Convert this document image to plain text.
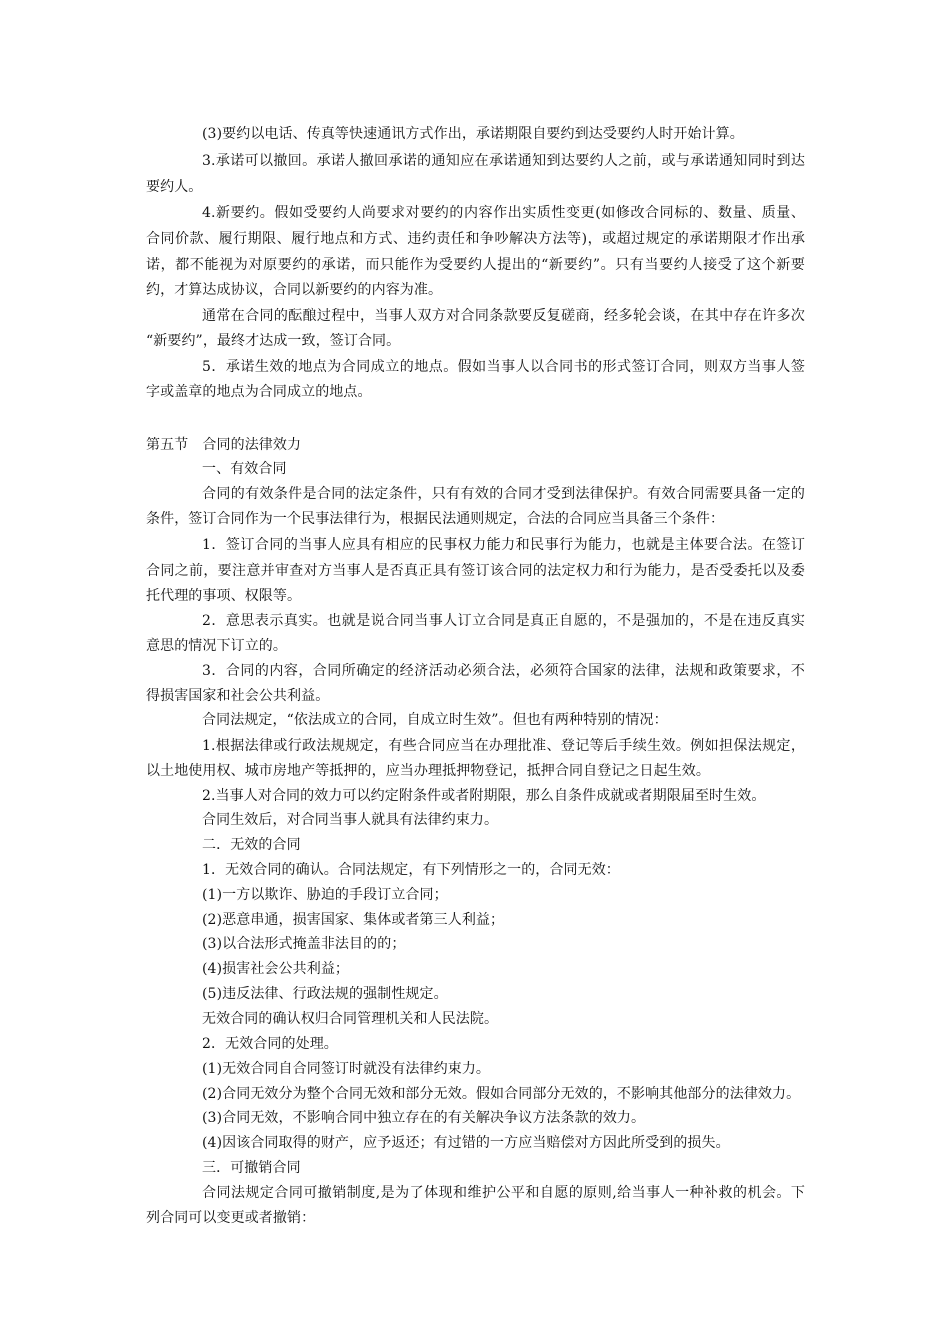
(3)要约以电话、传真等快速通讯方式作出，承诺期限自要约到达受要约人时开始计算。
3.承诺可以撤回。承诺人撤回承诺的通知应在承诺通知到达要约人之前，或与承诺通知同时到达
要约人。
4.新要约。假如受要约人尚要求对要约的内容作出实质性变更(如修改合同标的、数量、质量、
合同价款、履行期限、履行地点和方式、违约责任和争吵解决方法等)，或超过规定的承诺期限才作出承
诺，都不能视为对原要约的承诺，而只能作为受要约人提出的“新要约”。只有当要约人接受了这个新要
约，才算达成协议，合同以新要约的内容为准。
通常在合同的酝酿过程中，当事人双方对合同条款要反复磋商，经多轮会谈，在其中存在许多次
“新要约”，最终才达成一致，签订合同。
5．承诺生效的地点为合同成立的地点。假如当事人以合同书的形式签订合同，则双方当事人签
字或盖章的地点为合同成立的地点。
第五节　合同的法律效力
一、有效合同
合同的有效条件是合同的法定条件，只有有效的合同才受到法律保护。有效合同需要具备一定的
条件，签订合同作为一个民事法律行为，根据民法通则规定，合法的合同应当具备三个条件：
1．签订合同的当事人应具有相应的民事权力能力和民事行为能力，也就是主体要合法。在签订
合同之前，要注意并审查对方当事人是否真正具有签订该合同的法定权力和行为能力，是否受委托以及委
托代理的事项、权限等。
2．意思表示真实。也就是说合同当事人订立合同是真正自愿的，不是强加的，不是在违反真实
意思的情况下订立的。
3．合同的内容，合同所确定的经济活动必须合法，必须符合国家的法律，法规和政策要求，不
得损害国家和社会公共利益。
合同法规定，“依法成立的合同，自成立时生效”。但也有两种特别的情况：
1.根据法律或行政法规规定，有些合同应当在办理批准、登记等后手续生效。例如担保法规定，
以土地使用权、城市房地产等抵押的，应当办理抵押物登记，抵押合同自登记之日起生效。
2.当事人对合同的效力可以约定附条件或者附期限，那么自条件成就或者期限届至时生效。
合同生效后，对合同当事人就具有法律约束力。
二．无效的合同
1．无效合同的确认。合同法规定，有下列情形之一的，合同无效：
(1)一方以欺诈、胁迫的手段订立合同；
(2)恶意串通，损害国家、集体或者第三人利益；
(3)以合法形式掩盖非法目的的；
(4)损害社会公共利益；
(5)违反法律、行政法规的强制性规定。
无效合同的确认权归合同管理机关和人民法院。
2．无效合同的处理。
(1)无效合同自合同签订时就没有法律约束力。
(2)合同无效分为整个合同无效和部分无效。假如合同部分无效的，不影响其他部分的法律效力。
(3)合同无效，不影响合同中独立存在的有关解决争议方法条款的效力。
(4)因该合同取得的财产，应予返还；有过错的一方应当赔偿对方因此所受到的损失。
三．可撤销合同
合同法规定合同可撤销制度,是为了体现和维护公平和自愿的原则,给当事人一种补救的机会。下
列合同可以变更或者撤销：
